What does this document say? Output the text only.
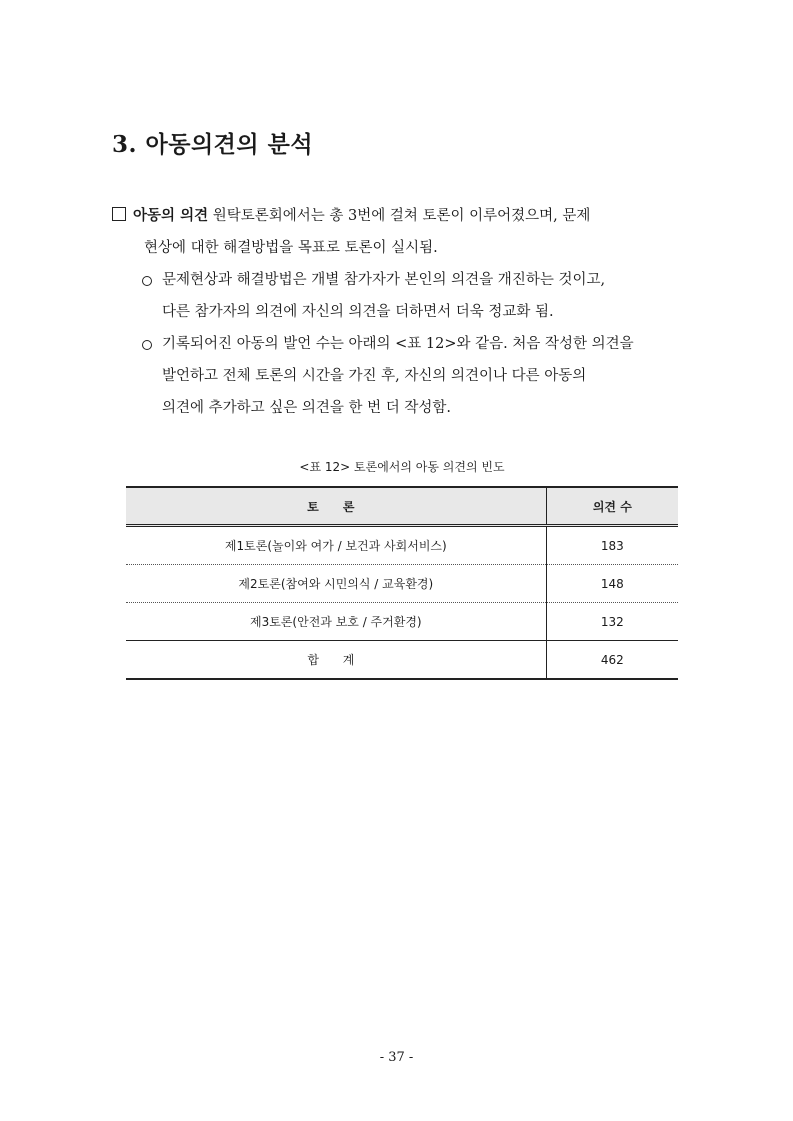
3. 아동의견의 분석
아동의 의견 원탁토론회에서는 총 3번에 걸쳐 토론이 이루어졌으며, 문제
현상에 대한 해결방법을 목표로 토론이 실시됨.
문제현상과 해결방법은 개별 참가자가 본인의 의견을 개진하는 것이고,
다른 참가자의 의견에 자신의 의견을 더하면서 더욱 정교화 됨.
기록되어진 아동의 발언 수는 아래의 <표 12>와 같음. 처음 작성한 의견을
발언하고 전체 토론의 시간을 가진 후, 자신의 의견이나 다른 아동의
의견에 추가하고 싶은 의견을 한 번 더 작성함.
<표 12> 토론에서의 아동 의견의 빈도
토 론	의견 수
제1토론(놀이와 여가 / 보건과 사회서비스)	183
제2토론(참여와 시민의식 / 교육환경)	148
제3토론(안전과 보호 / 주거환경)	132
합 계	462
- 37 -
